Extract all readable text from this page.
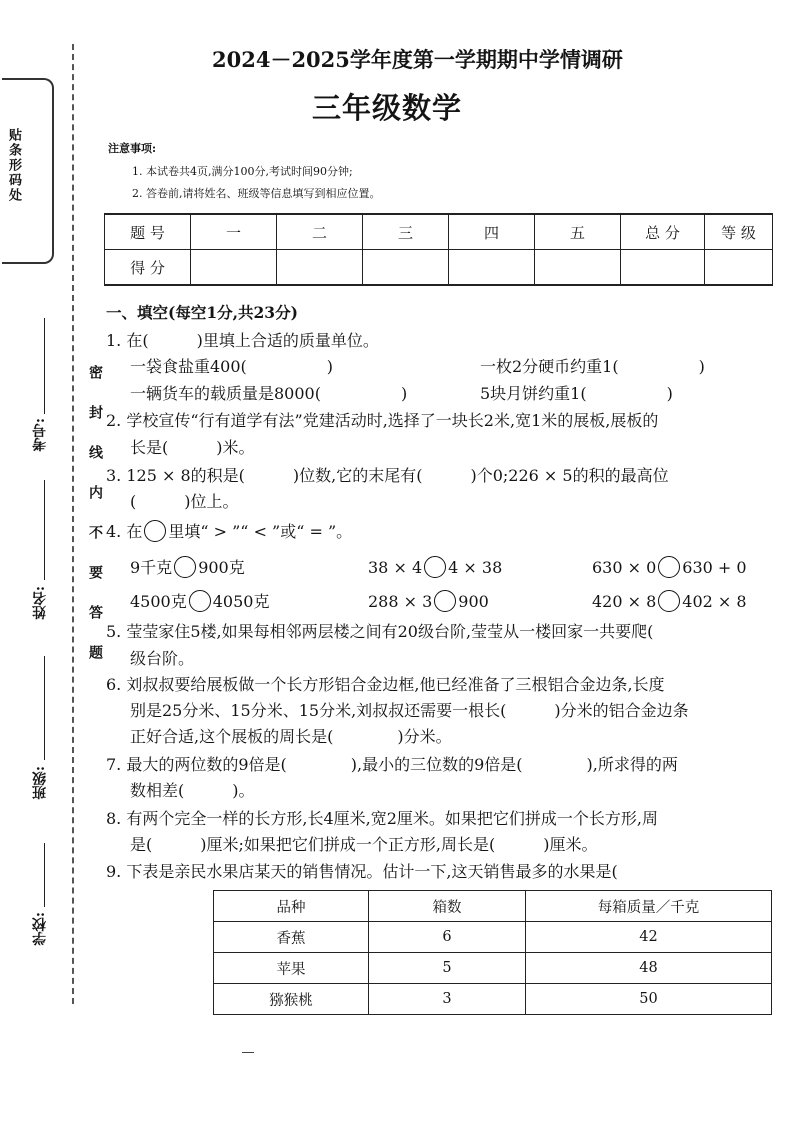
贴条形码处
考号:
姓名:
班级:
学校:
密封线内不要答题
2024－2025学年度第一学期期中学情调研
三年级数学
注意事项:
1. 本试卷共4页,满分100分,考试时间90分钟;
2. 答卷前,请将姓名、班级等信息填写到相应位置。
题 号	一	二	三	四	五	总 分	等 级
得 分							
一、填空(每空1分,共23分)
1. 在(　　　)里填上合适的质量单位。
一袋食盐重400(　　　　　)	一枚2分硬币约重1(　　　　　)
一辆货车的载质量是8000(　　　　　)	5块月饼约重1(　　　　　)
2. 学校宣传“行有道学有法”党建活动时,选择了一块长2米,宽1米的展板,展板的
长是(　　　)米。
3. 125 × 8的积是(　　　)位数,它的末尾有(　　　)个0;226 × 5的积的最高位
(　　　)位上。
4. 在 里填“ > ”“ < ”或“ = ”。
9千克 900克	38 × 4 4 × 38	630 × 0 630 + 0
4500克 4050克	288 × 3 900	420 × 8 402 × 8
5. 莹莹家住5楼,如果每相邻两层楼之间有20级台阶,莹莹从一楼回家一共要爬(
级台阶。
6. 刘叔叔要给展板做一个长方形铝合金边框,他已经准备了三根铝合金边条,长度
别是25分米、15分米、15分米,刘叔叔还需要一根长(　　　)分米的铝合金边条
正好合适,这个展板的周长是(　　　　)分米。
7. 最大的两位数的9倍是(　　　　),最小的三位数的9倍是(　　　　),所求得的两
数相差(　　　)。
8. 有两个完全一样的长方形,长4厘米,宽2厘米。如果把它们拼成一个长方形,周
是(　　　)厘米;如果把它们拼成一个正方形,周长是(　　　)厘米。
9. 下表是亲民水果店某天的销售情况。估计一下,这天销售最多的水果是(
品种	箱数	每箱质量／千克
香蕉	6	42
苹果	5	48
猕猴桃	3	50
